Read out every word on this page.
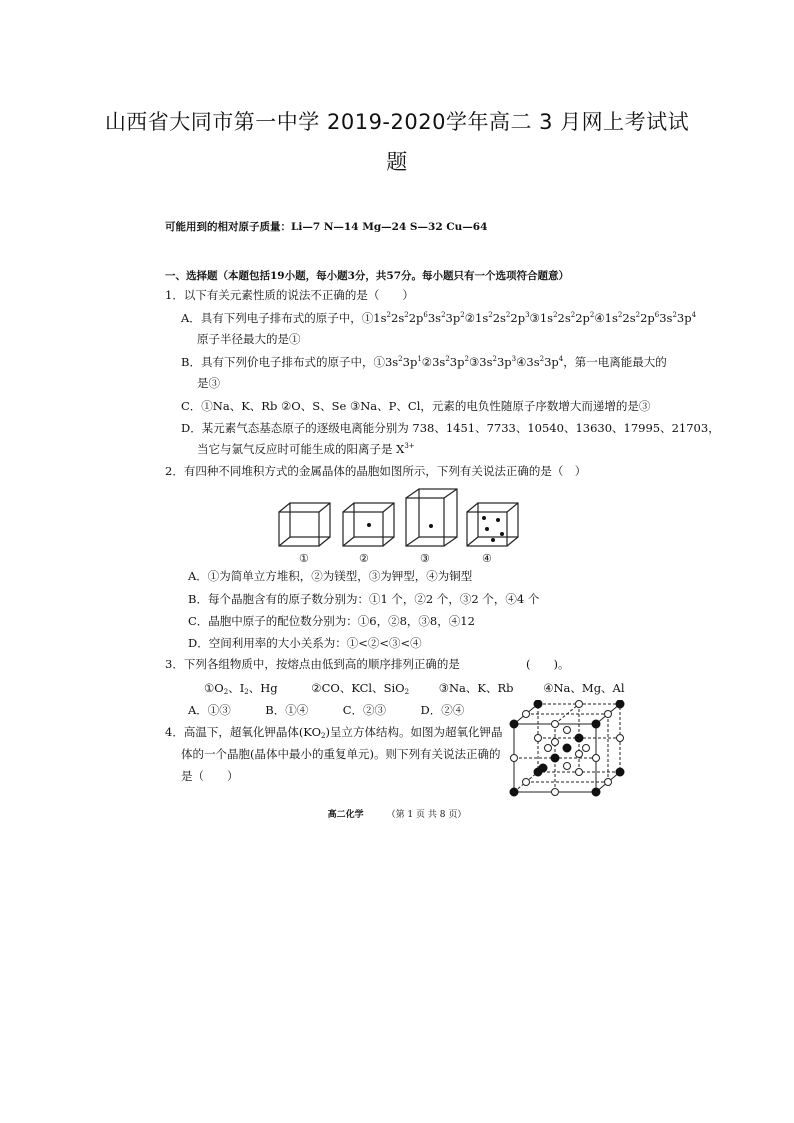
山西省大同市第一中学 2019-2020学年高二 3 月网上考试试
题
可能用到的相对原子质量：Li—7 N—14 Mg—24 S—32 Cu—64
一、选择题（本题包括19小题，每小题3分，共57分。每小题只有一个选项符合题意）
1．以下有关元素性质的说法不正确的是（　　）
A．具有下列电子排布式的原子中，$①1s^22s^22p^63s^23p^2②1s^22s^22p^3③1s^22s^22p^2④1s^22s^22p^63s^23p^4$
原子半径最大的是①
B．具有下列价电子排布式的原子中，$①3s^23p^1②3s^23p^2③3s^23p^3④3s^23p^4$，第一电离能最大的
是③
C．①Na、K、Rb ②O、S、Se ③Na、P、Cl，元素的电负性随原子序数增大而递增的是③
D．某元素气态基态原子的逐级电离能分别为 738、1451、7733、10540、13630、17995、21703，
当它与氯气反应时可能生成的阳离子是 $X^{3+}$
2．有四种不同堆积方式的金属晶体的晶胞如图所示，下列有关说法正确的是（　）
①	②	③	④
A．①为简单立方堆积，②为镁型，③为钾型，④为铜型
B．每个晶胞含有的原子数分别为：①1 个，②2 个，③2 个，④4 个
C．晶胞中原子的配位数分别为：①6，②8，③8，④12
D．空间利用率的大小关系为：①<②<③<④
3．下列各组物质中，按熔点由低到高的顺序排列正确的是	(　　)。
$①O_2$、$I_2$、Hg	②CO、KCl、SiO$_2$	③Na、K、Rb	④Na、Mg、Al
A．①③　　　B．①④　　　C．②③　　　D．②④
4．高温下，超氧化钾晶体$(KO_2)$呈立方体结构。如图为超氧化钾晶
体的一个晶胞(晶体中最小的重复单元)。则下列有关说法正确的
是（　　）
高二化学	（第 1 页 共 8 页）
